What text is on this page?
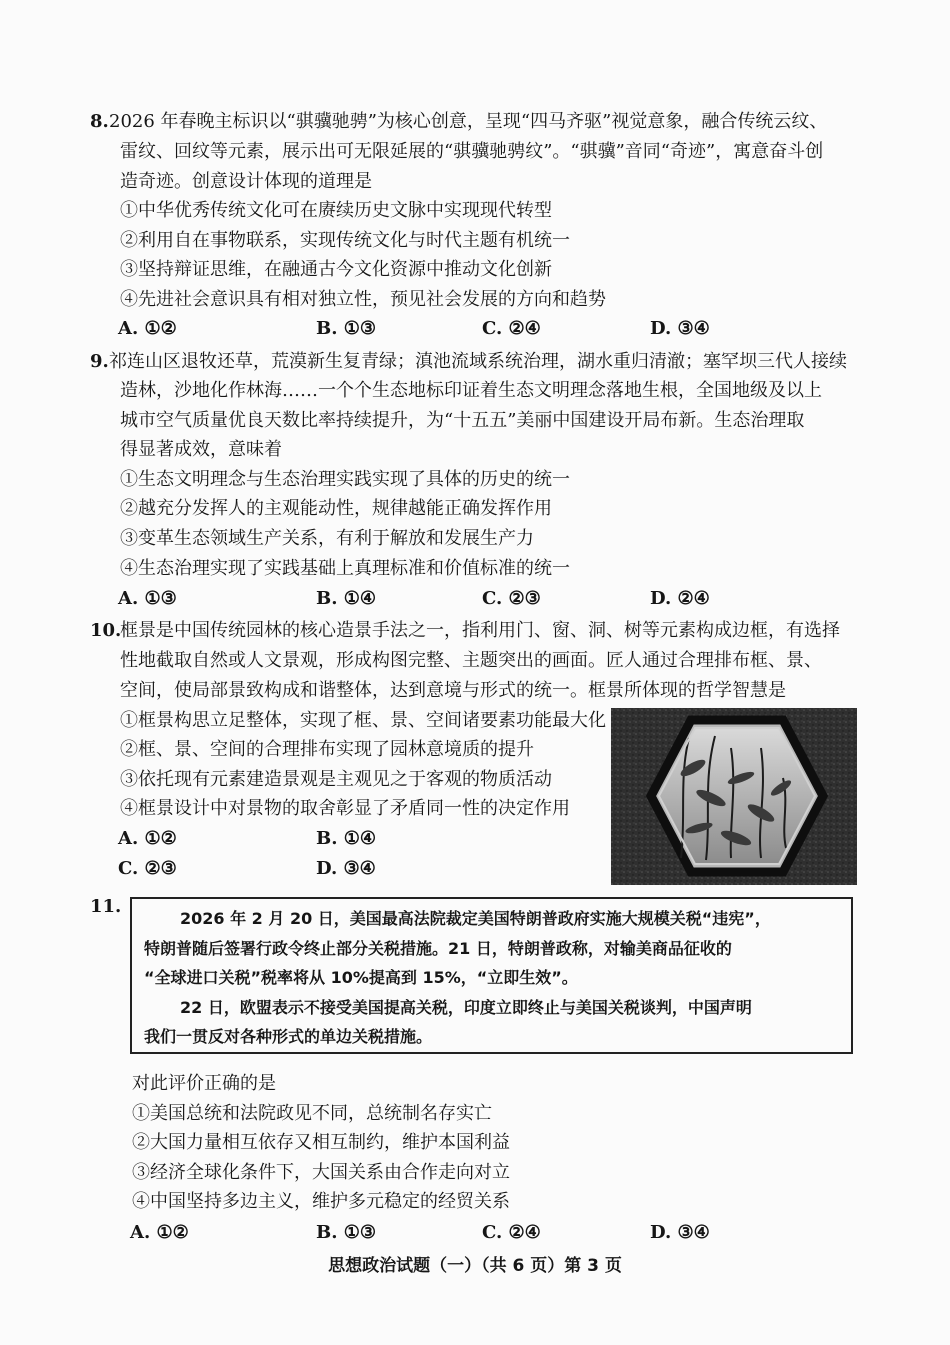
8. 2026 年春晚主标识以“骐骥驰骋”为核心创意，呈现“四马齐驱”视觉意象，融合传统云纹、
雷纹、回纹等元素，展示出可无限延展的“骐骥驰骋纹”。“骐骥”音同“奇迹”，寓意奋斗创
造奇迹。创意设计体现的道理是
①中华优秀传统文化可在赓续历史文脉中实现现代转型
②利用自在事物联系，实现传统文化与时代主题有机统一
③坚持辩证思维，在融通古今文化资源中推动文化创新
④先进社会意识具有相对独立性，预见社会发展的方向和趋势
A. ①②	B. ①③	C. ②④	D. ③④
9. 祁连山区退牧还草，荒漠新生复青绿；滇池流域系统治理，湖水重归清澈；塞罕坝三代人接续
造林，沙地化作林海……一个个生态地标印证着生态文明理念落地生根，全国地级及以上
城市空气质量优良天数比率持续提升，为“十五五”美丽中国建设开局布新。生态治理取
得显著成效，意味着
①生态文明理念与生态治理实践实现了具体的历史的统一
②越充分发挥人的主观能动性，规律越能正确发挥作用
③变革生态领域生产关系，有利于解放和发展生产力
④生态治理实现了实践基础上真理标准和价值标准的统一
A. ①③	B. ①④	C. ②③	D. ②④
10.
框景是中国传统园林的核心造景手法之一，指利用门、窗、洞、树等元素构成边框，有选择
性地截取自然或人文景观，形成构图完整、主题突出的画面。匠人通过合理排布框、景、
空间，使局部景致构成和谐整体，达到意境与形式的统一。框景所体现的哲学智慧是
①框景构思立足整体，实现了框、景、空间诸要素功能最大化
②框、景、空间的合理排布实现了园林意境质的提升
③依托现有元素建造景观是主观见之于客观的物质活动
④框景设计中对景物的取舍彰显了矛盾同一性的决定作用
A. ①②	B. ①④
C. ②③	D. ③④
11.
2026 年 2 月 20 日，美国最高法院裁定美国特朗普政府实施大规模关税“违宪”，
特朗普随后签署行政令终止部分关税措施。21 日，特朗普政称，对输美商品征收的
“全球进口关税”税率将从 10%提高到 15%，“立即生效”。
22 日，欧盟表示不接受美国提高关税，印度立即终止与美国关税谈判，中国声明
我们一贯反对各种形式的单边关税措施。
对此评价正确的是
①美国总统和法院政见不同，总统制名存实亡
②大国力量相互依存又相互制约，维护本国利益
③经济全球化条件下，大国关系由合作走向对立
④中国坚持多边主义，维护多元稳定的经贸关系
A. ①②	B. ①③	C. ②④	D. ③④
思想政治试题（一）（共 6 页）第 3 页
